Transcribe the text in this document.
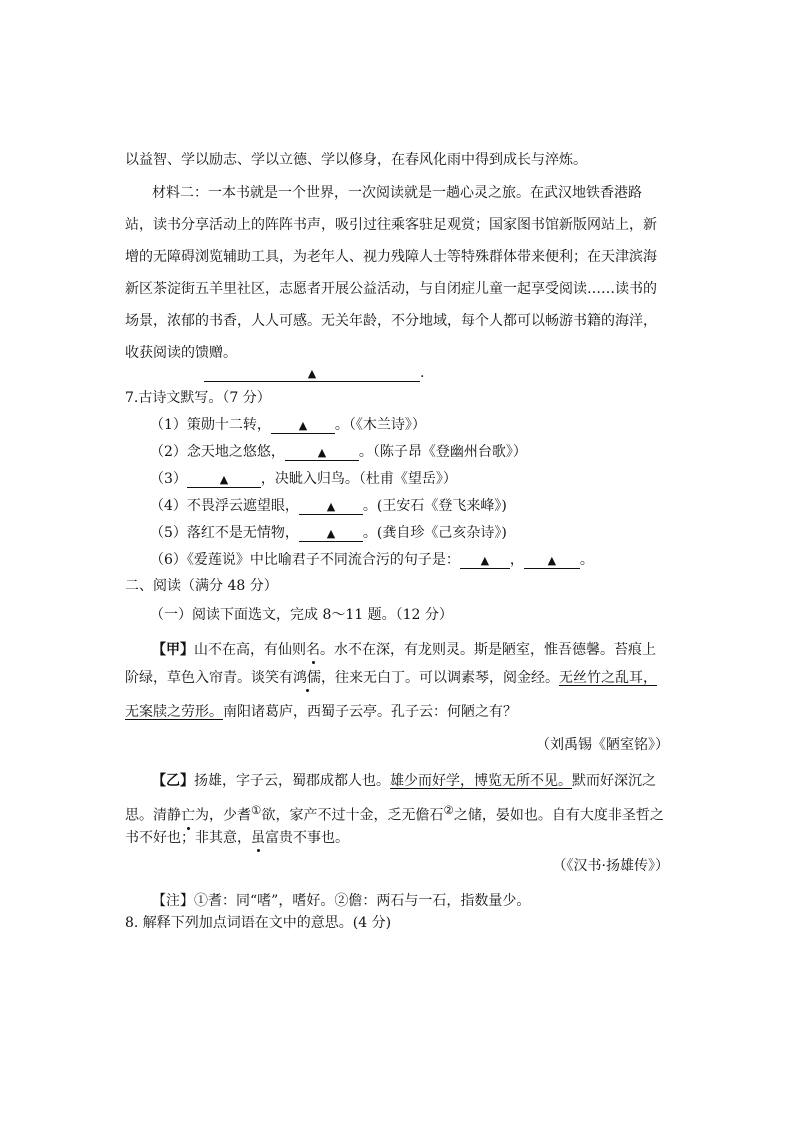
以益智、学以励志、学以立德、学以修身，在春风化雨中得到成长与淬炼。
材料二：一本书就是一个世界，一次阅读就是一趟心灵之旅。在武汉地铁香港路
站，读书分享活动上的阵阵书声，吸引过往乘客驻足观赏；国家图书馆新版网站上，新
增的无障碍浏览辅助工具，为老年人、视力残障人士等特殊群体带来便利；在天津滨海
新区茶淀街五羊里社区，志愿者开展公益活动，与自闭症儿童一起享受阅读……读书的
场景，浓郁的书香，人人可感。无关年龄，不分地域，每个人都可以畅游书籍的海洋，
收获阅读的馈赠。
▲	.
7.古诗文默写。（7 分）
（1）策勋十二转，	▲ 。（《木兰诗》）
（2）念天地之悠悠，	▲ 。（陈子昂《登幽州台歌》）
（3）	▲ ，决眦入归鸟。（杜甫《望岳》）
（4）不畏浮云遮望眼，	▲ 。(王安石《登飞来峰》)
（5）落红不是无情物，	▲ 。(龚自珍《己亥杂诗》)
（6）《爱莲说》中比喻君子不同流合污的句子是： ▲ ， ▲ 。
二、阅读（满分 48 分）
（一）阅读下面选文，完成 8～11 题。（12 分）
【甲】山不在高，有仙则名。水不在深，有龙则灵。斯是陋室，惟吾德馨。苔痕上
阶绿，草色入帘青。谈笑有鸿儒，往来无白丁。可以调素琴，阅金经。无丝竹之乱耳，
无案牍之劳形。南阳诸葛庐，西蜀子云亭。孔子云：何陋之有？
（刘禹锡《陋室铭》）
【乙】扬雄，字子云，蜀郡成都人也。雄少而好学，博览无所不见。默而好深沉之
思。清静亡为，少耆①欲，家产不过十金，乏无儋石②之储，晏如也。自有大度非圣哲之
书不好也；非其意，虽富贵不事也。
（《汉书·扬雄传》）
【注】①耆：同“嗜”，嗜好。②儋：两石与一石，指数量少。
8. 解释下列加点词语在文中的意思。(4 分)
